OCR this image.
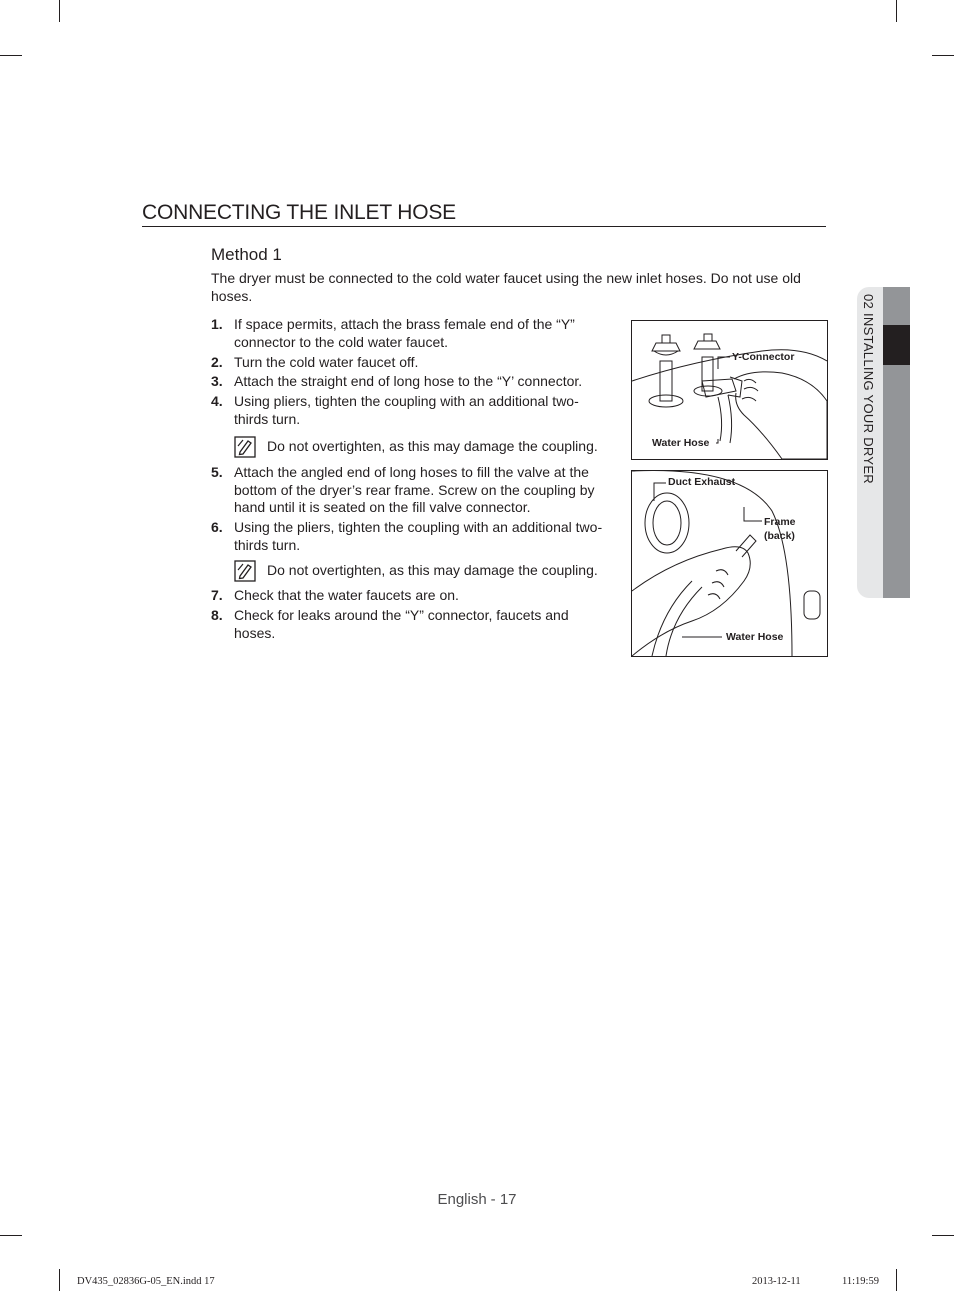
CONNECTING THE INLET HOSE
Method 1
The dryer must be connected to the cold water faucet using the new inlet hoses. Do not use old hoses.
1. If space permits, attach the brass female end of the “Y” connector to the cold water faucet.
2. Turn the cold water faucet off.
3. Attach the straight end of long hose to the “Y’ connector.
4. Using pliers, tighten the coupling with an additional two-thirds turn.
Do not overtighten, as this may damage the coupling.
5. Attach the angled end of long hoses to fill the valve at the bottom of the dryer’s rear frame. Screw on the coupling by hand until it is seated on the fill valve connector.
6. Using the pliers, tighten the coupling with an additional two-thirds turn.
Do not overtighten, as this may damage the coupling.
7. Check that the water faucets are on.
8. Check for leaks around the “Y” connector, faucets and hoses.
Y-Connector
Water Hose
Duct Exhaust
Frame
(back)
Water Hose
02 INSTALLING YOUR DRYER
English - 17
DV435_02836G-05_EN.indd 17	2013-12-11	11:19:59
